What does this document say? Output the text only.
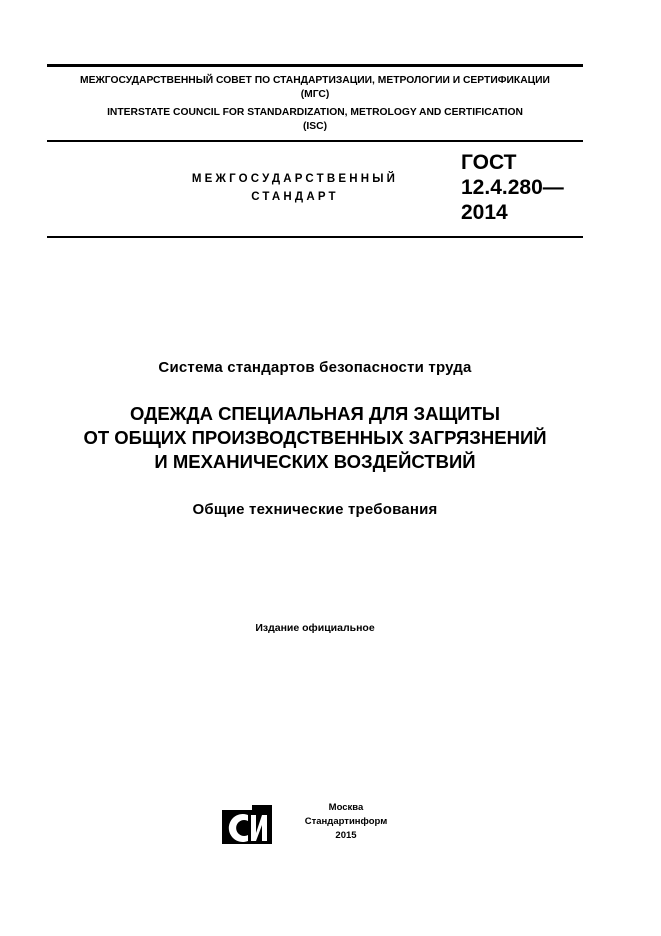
МЕЖГОСУДАРСТВЕННЫЙ СОВЕТ ПО СТАНДАРТИЗАЦИИ, МЕТРОЛОГИИ И СЕРТИФИКАЦИИ
(МГС)
INTERSTATE COUNCIL FOR STANDARDIZATION, METROLOGY AND CERTIFICATION
(ISC)
МЕЖГОСУДАРСТВЕННЫЙ
СТАНДАРТ
ГОСТ
12.4.280—
2014
Система стандартов безопасности труда
ОДЕЖДА СПЕЦИАЛЬНАЯ ДЛЯ ЗАЩИТЫ
ОТ ОБЩИХ ПРОИЗВОДСТВЕННЫХ ЗАГРЯЗНЕНИЙ
И МЕХАНИЧЕСКИХ ВОЗДЕЙСТВИЙ
Общие технические требования
Издание официальное
Москва
Стандартинформ
2015
